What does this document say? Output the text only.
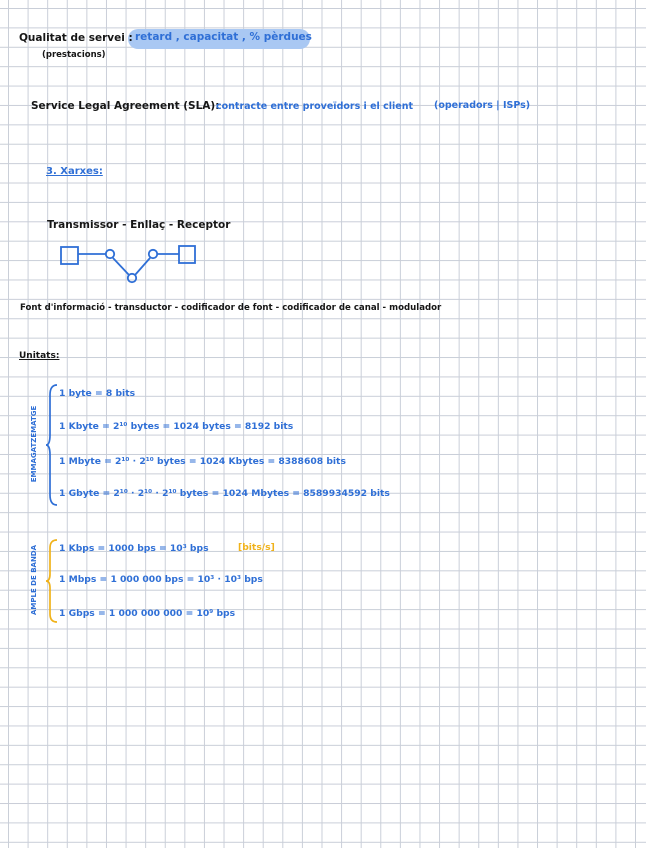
Qualitat de servei : retard , capacitat , % pèrdues
(prestacions)
Service Legal Agreement (SLA):
contracte entre proveïdors i el client (operadors | ISPs)
3. Xarxes:
Transmissor - Enllaç - Receptor
Font d'informació - transductor - codificador de font - codificador de canal - modulador
Unitats:
EMMAGATZEMATGE
1 byte = 8 bits
1 Kbyte = 2¹⁰ bytes = 1024 bytes = 8192 bits
1 Mbyte = 2¹⁰ · 2¹⁰ bytes = 1024 Kbytes = 8388608 bits
1 Gbyte = 2¹⁰ · 2¹⁰ · 2¹⁰ bytes = 1024 Mbytes = 8589934592 bits
AMPLE DE BANDA 1 Kbps = 1000 bps = 10³ bps	[bits/s]
1 Mbps = 1 000 000 bps = 10³ · 10³ bps
1 Gbps = 1 000 000 000 = 10⁹ bps
